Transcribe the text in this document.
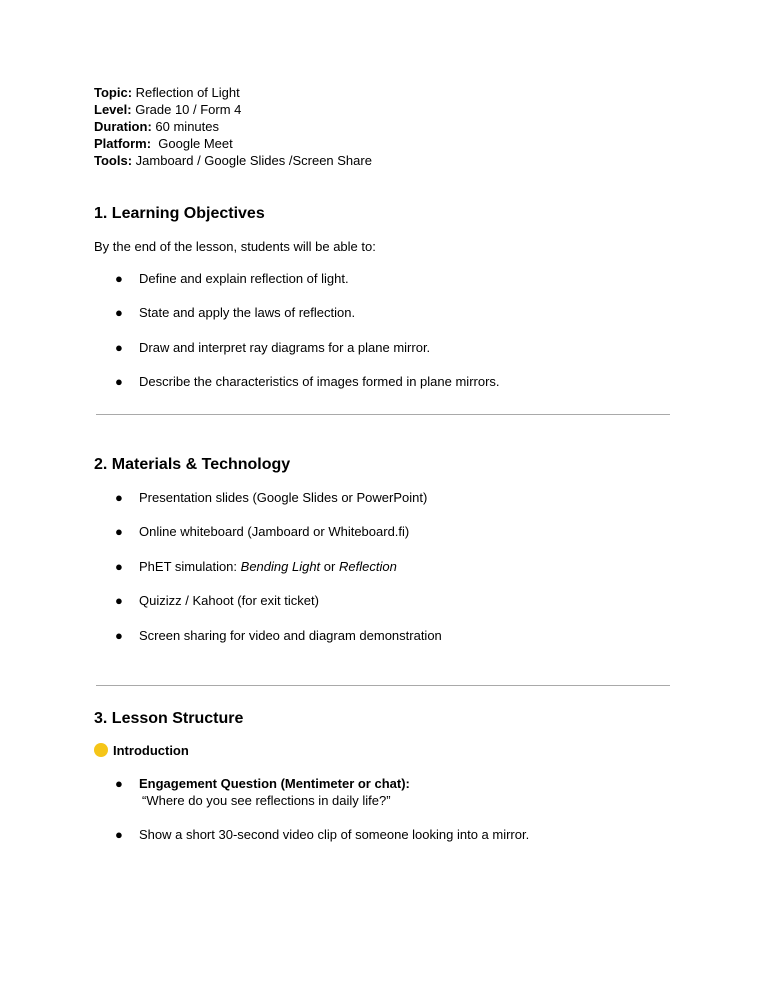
Topic: Reflection of Light
Level: Grade 10 / Form 4
Duration: 60 minutes
Platform: Google Meet
Tools: Jamboard / Google Slides /Screen Share
1. Learning Objectives
By the end of the lesson, students will be able to:
● Define and explain reflection of light.
● State and apply the laws of reflection.
● Draw and interpret ray diagrams for a plane mirror.
● Describe the characteristics of images formed in plane mirrors.
2. Materials & Technology
● Presentation slides (Google Slides or PowerPoint)
● Online whiteboard (Jamboard or Whiteboard.fi)
● PhET simulation: Bending Light or Reflection
● Quizizz / Kahoot (for exit ticket)
● Screen sharing for video and diagram demonstration
3. Lesson Structure
Introduction
● Engagement Question (Mentimeter or chat):
“Where do you see reflections in daily life?”
● Show a short 30-second video clip of someone looking into a mirror.
